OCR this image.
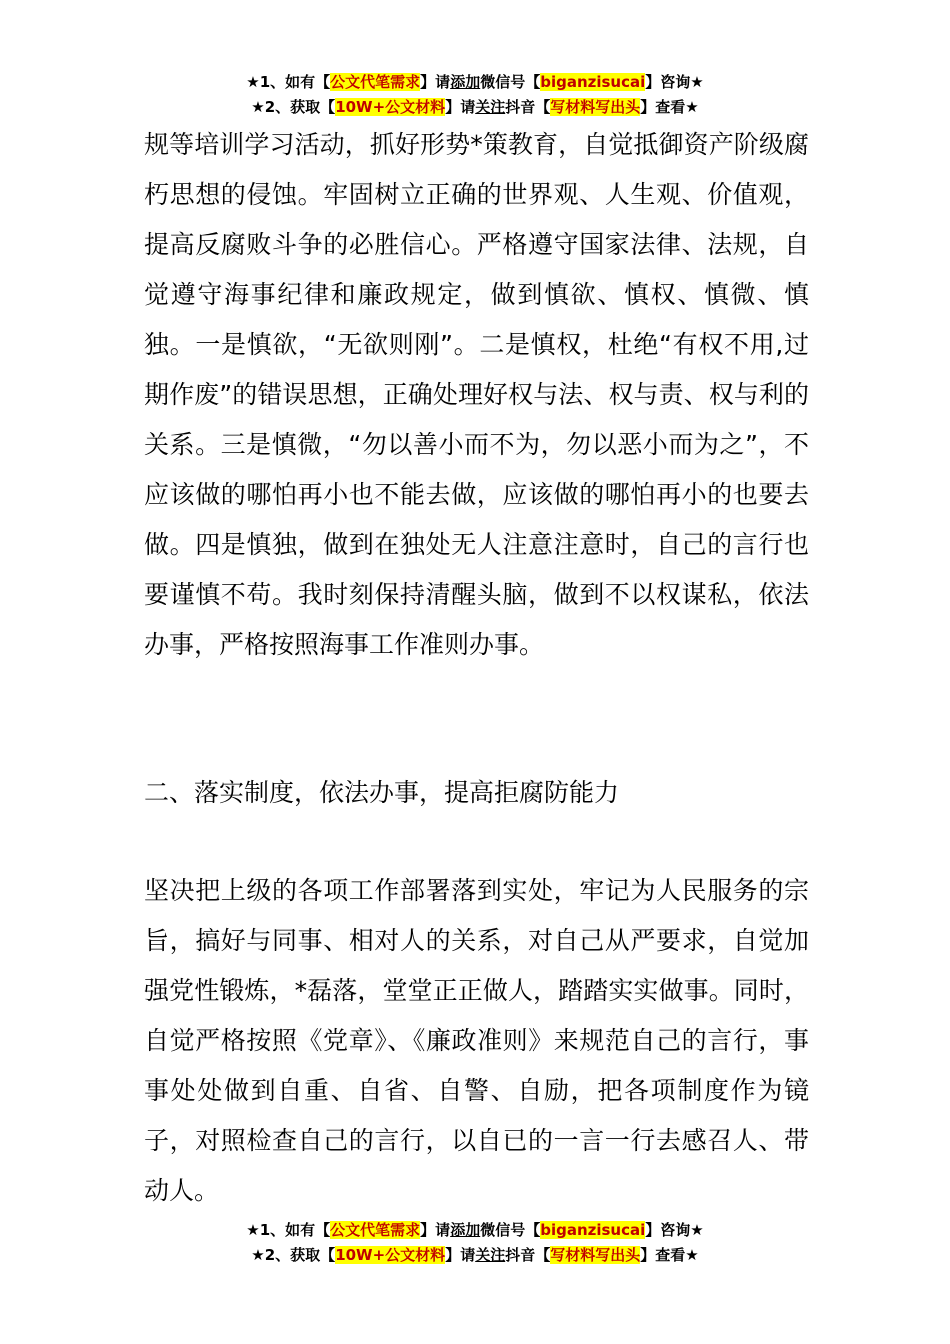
★1、如有【公文代笔需求】请添加微信号【biganzisucai】咨询★
★2、获取【10W+公文材料】请关注抖音【写材料写出头】查看★

规等培训学习活动，抓好形势*策教育，自觉抵御资产阶级腐朽思想的侵蚀。牢固树立正确的世界观、人生观、价值观，提高反腐败斗争的必胜信心。严格遵守国家法律、法规，自觉遵守海事纪律和廉政规定，做到慎欲、慎权、慎微、慎独。一是慎欲，“无欲则刚”。二是慎权，杜绝“有权不用,过期作废”的错误思想，正确处理好权与法、权与责、权与利的关系。三是慎微，“勿以善小而不为，勿以恶小而为之”，不应该做的哪怕再小也不能去做，应该做的哪怕再小的也要去做。四是慎独，做到在独处无人注意注意时，自己的言行也要谨慎不苟。我时刻保持清醒头脑，做到不以权谋私，依法办事，严格按照海事工作准则办事。

二、落实制度，依法办事，提高拒腐防能力

坚决把上级的各项工作部署落到实处，牢记为人民服务的宗旨，搞好与同事、相对人的关系，对自己从严要求，自觉加强党性锻炼，*磊落，堂堂正正做人，踏踏实实做事。同时，自觉严格按照《党章》、《廉政准则》来规范自己的言行，事事处处做到自重、自省、自警、自励，把各项制度作为镜子，对照检查自己的言行，以自已的一言一行去感召人、带动人。

★1、如有【公文代笔需求】请添加微信号【biganzisucai】咨询★
★2、获取【10W+公文材料】请关注抖音【写材料写出头】查看★
